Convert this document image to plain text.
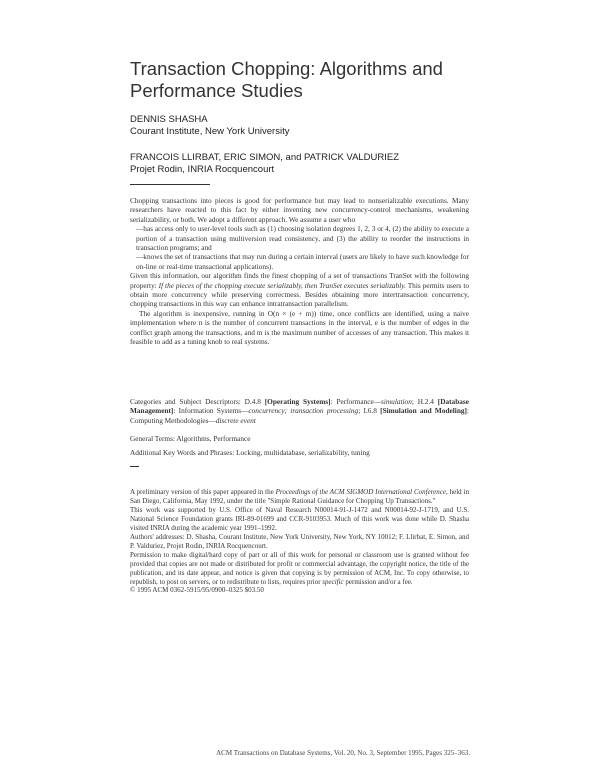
Transaction Chopping: Algorithms and Performance Studies
DENNIS SHASHA
Courant Institute, New York University
FRANCOIS LLIRBAT, ERIC SIMON, and PATRICK VALDURIEZ
Projet Rodin, INRIA Rocquencourt
Chopping transactions into pieces is good for performance but may lead to nonserializable executions. Many researchers have reacted to this fact by either inventing new concurrency-control mechanisms, weakening serializability, or both. We adopt a different approach. We assume a user who
—has access only to user-level tools such as (1) choosing isolation degrees 1, 2, 3 or 4, (2) the ability to execute a portion of a transaction using multiversion read consistency, and (3) the ability to reorder the instructions in transaction programs; and
—knows the set of transactions that may run during a certain interval (users are likely to have such knowledge for on-line or real-time transactional applications).
Given this information, our algorithm finds the finest chopping of a set of transactions TranSet with the following property: If the pieces of the chopping execute serializably, then TranSet executes serializably. This permits users to obtain more concurrency while preserving correctness. Besides obtaining more intertransaction concurrency, chopping transactions in this way can enhance intratransaction parallelism.
The algorithm is inexpensive, running in O(n × (e + m)) time, once conflicts are identified, using a naive implementation where n is the number of concurrent transactions in the interval, e is the number of edges in the conflict graph among the transactions, and m is the maximum number of accesses of any transaction. This makes it feasible to add as a tuning knob to real systems.
Categories and Subject Descriptors: D.4.8 [Operating Systems]: Performance—simulation; H.2.4 [Database Management]: Information Systems—concurrency; transaction processing; I.6.8 [Simulation and Modeling]: Computing Methodologies—discrete event
General Terms: Algorithms, Performance
Additional Key Words and Phrases: Locking, multidatabase, serializability, tuning
A preliminary version of this paper appeared in the Proceedings of the ACM SIGMOD International Conference, held in San Diego, California, May 1992, under the title "Simple Rational Guidance for Chopping Up Transactions."
This work was supported by U.S. Office of Naval Research N00014-91-J-1472 and N00014-92-J-1719, and U.S. National Science Foundation grants IRI-89-01699 and CCR-9103953. Much of this work was done while D. Shasha visited INRIA during the academic year 1991–1992.
Authors' addresses: D. Shasha, Courant Institute, New York University, New York, NY 10012; F. Llirbat, E. Simon, and P. Valduriez, Projet Rodin, INRIA Rocquencourt.
Permission to make digital/hard copy of part or all of this work for personal or classroom use is granted without fee provided that copies are not made or distributed for profit or commercial advantage, the copyright notice, the title of the publication, and its date appear, and notice is given that copying is by permission of ACM, Inc. To copy otherwise, to republish, to post on servers, or to redistribute to lists, requires prior specific permission and/or a fee.
© 1995 ACM 0362-5915/95/0900–0325 $03.50
ACM Transactions on Database Systems, Vol. 20, No. 3, September 1995, Pages 325–363.
